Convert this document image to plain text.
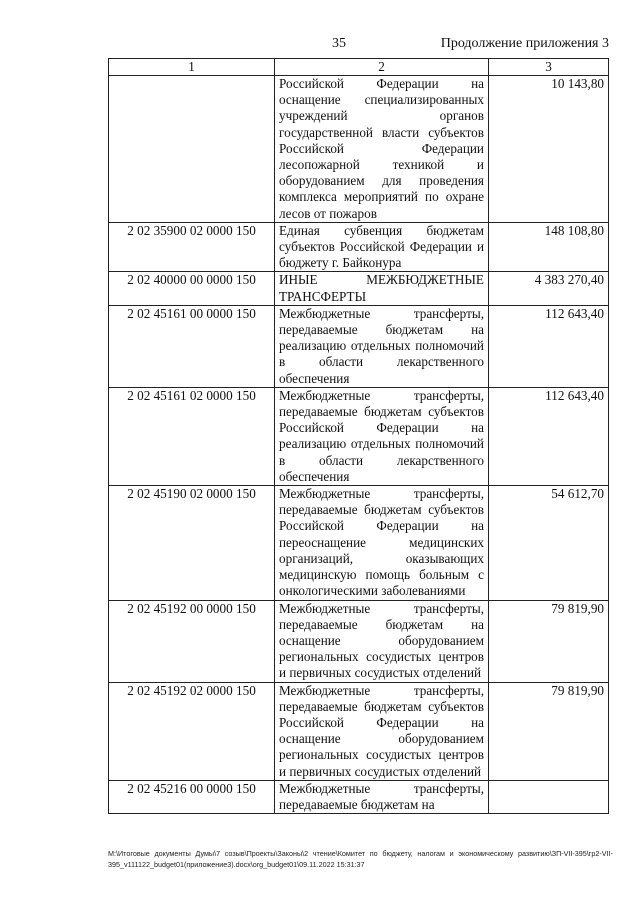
35	Продолжение приложения 3
1	2	3
	Российской Федерации на оснащение специализированных учреждений органов государственной власти субъектов Российской Федерации лесопожарной техникой и оборудованием для проведения комплекса мероприятий по охране лесов от пожаров	10 143,80
2 02 35900 02 0000 150	Единая субвенция бюджетам субъектов Российской Федерации и бюджету г. Байконура	148 108,80
2 02 40000 00 0000 150	ИНЫЕ МЕЖБЮДЖЕТНЫЕ ТРАНСФЕРТЫ	4 383 270,40
2 02 45161 00 0000 150	Межбюджетные трансферты, передаваемые бюджетам на реализацию отдельных полномочий в области лекарственного обеспечения	112 643,40
2 02 45161 02 0000 150	Межбюджетные трансферты, передаваемые бюджетам субъектов Российской Федерации на реализацию отдельных полномочий в области лекарственного обеспечения	112 643,40
2 02 45190 02 0000 150	Межбюджетные трансферты, передаваемые бюджетам субъектов Российской Федерации на переоснащение медицинских организаций, оказывающих медицинскую помощь больным с онкологическими заболеваниями	54 612,70
2 02 45192 00 0000 150	Межбюджетные трансферты, передаваемые бюджетам на оснащение оборудованием региональных сосудистых центров и первичных сосудистых отделений	79 819,90
2 02 45192 02 0000 150	Межбюджетные трансферты, передаваемые бюджетам субъектов Российской Федерации на оснащение оборудованием региональных сосудистых центров и первичных сосудистых отделений	79 819,90
2 02 45216 00 0000 150	Межбюджетные трансферты, передаваемые бюджетам на	
M:\Итоговые документы Думы\7 созыв\Проекты\Законы\2 чтение\Комитет по бюджету, налогам и экономическому развитию\ЗП-VII-395\гр2-VII-395_v111122_budget01(приложение3).docx\org_budget01\09.11.2022 15:31:37
